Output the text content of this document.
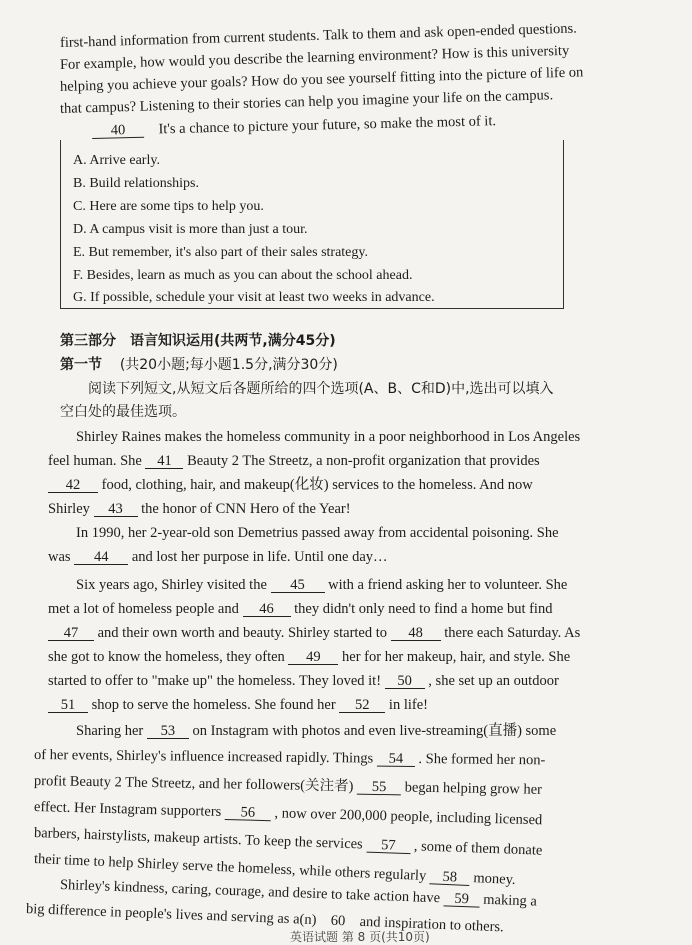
first-hand information from current students. Talk to them and ask open-ended questions.
For example, how would you describe the learning environment? How is this university
helping you achieve your goals? How do you see yourself fitting into the picture of life on
that campus? Listening to their stories can help you imagine your life on the campus.
40 It's a chance to picture your future, so make the most of it.
A. Arrive early.
B. Build relationships.
C. Here are some tips to help you.
D. A campus visit is more than just a tour.
E. But remember, it's also part of their sales strategy.
F. Besides, learn as much as you can about the school ahead.
G. If possible, schedule your visit at least two weeks in advance.
第三部分　语言知识运用(共两节,满分45分)
第一节 (共20小题;每小题1.5分,满分30分)
阅读下列短文,从短文后各题所给的四个选项(A、B、C和D)中,选出可以填入
空白处的最佳选项。
Shirley Raines makes the homeless community in a poor neighborhood in Los Angeles
feel human. She 41 Beauty 2 The Streetz, a non-profit organization that provides
42 food, clothing, hair, and makeup(化妆) services to the homeless. And now
Shirley 43 the honor of CNN Hero of the Year!
In 1990, her 2-year-old son Demetrius passed away from accidental poisoning. She
was 44 and lost her purpose in life. Until one day…
Six years ago, Shirley visited the 45 with a friend asking her to volunteer. She
met a lot of homeless people and 46 they didn't only need to find a home but find
47 and their own worth and beauty. Shirley started to 48 there each Saturday. As
she got to know the homeless, they often 49 her for her makeup, hair, and style. She
started to offer to "make up" the homeless. They loved it! 50 , she set up an outdoor
51 shop to serve the homeless. She found her 52 in life!
Sharing her 53 on Instagram with photos and even live-streaming(直播) some
of her events, Shirley's influence increased rapidly. Things 54 . She formed her non-
profit Beauty 2 The Streetz, and her followers(关注者) 55 began helping grow her
effect. Her Instagram supporters 56 , now over 200,000 people, including licensed
barbers, hairstylists, makeup artists. To keep the services 57 , some of them donate
their time to help Shirley serve the homeless, while others regularly 58 money.
Shirley's kindness, caring, courage, and desire to take action have 59 making a
big difference in people's lives and serving as a(n) 60 and inspiration to others.
英语试题 第 8 页(共10页)
